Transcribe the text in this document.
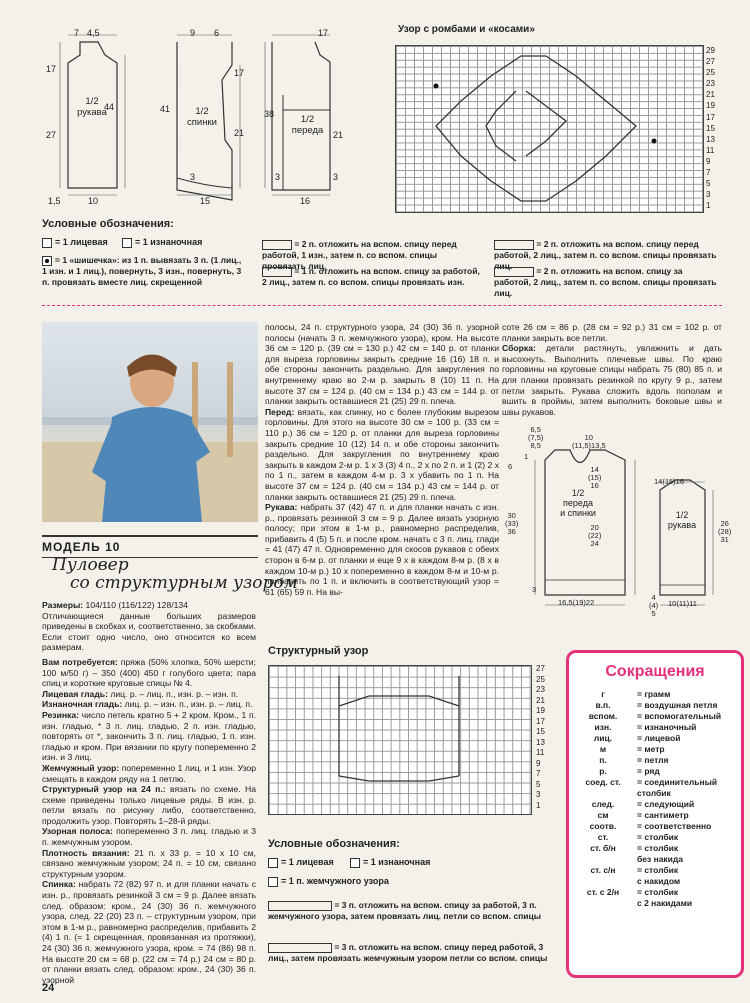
7 4,5
17
44
27
1,5	10
9 6
41
17
21
3
15
38
17
21
3
16
3
1/2
рукава	1/2
спинки	1/2 переда
Узор с ромбами и «косами»
29
27
25
23
21
19
17
15
13
11
9
7
5
3
1
Условные обозначения:
= 1 лицевая	= 1 изнаночная
= 1 «шишечка»: из 1 п. вывязать 3 п. (1 лиц., 1 изн. и 1 лиц.), повернуть, 3 изн., повернуть, 3 п. провязать вместе лиц. скрещенной
= 2 п. отложить на вспом. спицу перед работой, 1 изн., затем п. со вспом. спицы провязать лиц.
= 1 п. отложить на вспом. спицу за работой, 2 лиц., затем п. со вспом. спицы провязать изн.
= 2 п. отложить на вспом. спицу перед работой, 2 лиц., затем п. со вспом. спицы провязать лиц.	= 2 п. отложить на вспом. спицу за работой, 2 лиц., затем п. со вспом. спицы провязать лиц.
МОДЕЛЬ 10
Пуловер
со структурным узором

Размеры: 104/110 (116/122) 128/134

Отличающиеся данные больших размеров приведены в скобках и, соответственно, за скобками. Если стоит одно число, оно относится ко всем размерам.

Вам потребуется: пряжа (50% хлопка, 50% шерсти; 100 м/50 г) – 350 (400) 450 г голубого цвета; пара спиц и короткие круговые спицы № 4.

Лицевая гладь: лиц. р. – лиц. п., изн. р. – изн. п.

Изнаночная гладь: лиц. р. – изн. п., изн. р. – лиц. п.

Резинка: число петель кратно 5 + 2 кром. Кром., 1 п. изн. гладью, * 3 п. лиц. гладью, 2 п. изн. гладью, повторять от *, закончить 3 п. лиц. гладью, 1 п. изн. гладью и кром. При вязании по кругу попеременно 2 изн. и 3 лиц.

Жемчужный узор: попеременно 1 лиц. и 1 изн. Узор смещать в каждом ряду на 1 петлю.

Структурный узор на 24 п.: вязать по схеме. На схеме приведены только лицевые ряды. В изн. р. петли вязать по рисунку либо, соответственно, продолжить узор. Повторять 1–28-й ряды.

Узорная полоса: попеременно 3 п. лиц. гладью и 3 п. жемчужным узором.

Плотность вязания: 21 п. х 33 р. = 10 х 10 см, связано жемчужным узором; 24 п. = 10 см, связано структурным узором.

Спинка: набрать 72 (82) 97 п. и для планки начать с изн. р., провязать резинкой 3 см = 9 р. Далее вязать след. образом: кром., 24 (30) 36 п. жемчужного узора, след. 22 (20) 23 п. – структурным узором, при этом в 1-м р., равномерно распределив, прибавить 2 (4) 1 п. (= 1 скрещенная, провязанная из протяжки), 24 (30) 36 п. жемчужного узора, кром. = 74 (86) 98 п. На высоте 20 см = 68 р. (22 см = 74 р.) 24 см = 80 р. от планки вязать след. образом: кром., 24 (30) 36 п. узорной

полосы, 24 п. структурного узора, 24 (30) 36 п. узорной полосы (начать 3 п. жемчужного узора), кром. На высоте 36 см = 120 р. (39 см = 130 р.) 42 см = 140 р. от планки для выреза горловины закрыть средние 16 (16) 18 п. и обе стороны закончить раздельно. Для закругления по внутреннему краю во 2-м р. закрыть 8 (10) 11 п. На высоте 37 см = 124 р. (40 см = 134 р.) 43 см = 144 р. от планки закрыть оставшиеся 21 (25) 29 п. плеча.

Перед: вязать, как спинку, но с более глубоким вырезом горловины. Для этого на высоте 30 см = 100 р. (33 см = 110 р.) 36 см = 120 р. от планки для выреза горловины закрыть средние 10 (12) 14 п. и обе стороны закончить раздельно. Для закругления по внутреннему краю закрыть в каждом 2-м р. 1 х 3 (3) 4 п., 2 х по 2 п. и 1 (2) 2 х по 1 п., затем в каждом 4-м р. 3 х убавить по 1 п. На высоте 37 см = 124 р. (40 см = 134 р.) 43 см = 144 р. от планки закрыть оставшиеся 21 (25) 29 п. плеча.

Рукава: набрать 37 (42) 47 п. и для планки начать с изн. р., провязать резинкой 3 см = 9 р. Далее вязать узорную полосу; при этом в 1-м р., равномерно распределив, прибавить 4 (5) 5 п. и после кром. начать с 3 п. лиц. глади = 41 (47) 47 п. Одновременно для скосов рукавов с обеих сторон в 6-м р. от планки и еще 9 х в каждом 8-м р. (8 х в каждом 10-м р.) 10 х попеременно в каждом 8-м и 10-м р. прибавить по 1 п. и включить в соответствующий узор = 61 (65) 59 п. На вы-

соте 26 см = 86 р. (28 см = 92 р.) 31 см = 102 р. от планки закрыть все петли.

Сборка: детали растянуть, увлажнить и дать высохнуть. Выполнить плечевые швы. По краю горловины на круговые спицы набрать 75 (80) 85 п. и для планки провязать резинкой по кругу 9 р., затем петли закрыть. Рукава сложить вдоль пополам и вшить в проймы, затем выполнить боковые швы и швы рукавов.

1/2
переда
и спинки	1/2
рукава
6,5
(7,5)
8,5
10
(11,5)13,5
1
6	14
(15)
16
30
(33)
36	20
(22)
24
3
16,5(19)22
14(15)16
26
(28)
31
4
(4)
5
10(11)11
Структурный узор
27
25
23
21
19
17
15
13
11
9
7
5
3
1
Условные обозначения:
= 1 лицевая	= 1 изнаночная
= 1 п. жемчужного узора
= 3 п. отложить на вспом. спицу за работой, 3 п. жемчужного узора, затем провязать лиц. петли со вспом. спицы
= 3 п. отложить на вспом. спицу перед работой, 3 лиц., затем провязать жемчужным узором петли со вспом. спицы
Сокращения
г	= грамм
в.п.	= воздушная петля
вспом.	= вспомогательный
изн.	= изнаночный
лиц.	= лицевой
м	= метр
п.	= петля
р.	= ряд
соед. ст.	= соединительный
столбик
след.	= следующий
см	= сантиметр
соотв.	= соответственно
ст.	= столбик
ст. б/н	= столбик
без накида
ст. с/н	= столбик
с накидом
ст. с 2/н	= столбик
с 2 накидами
24
